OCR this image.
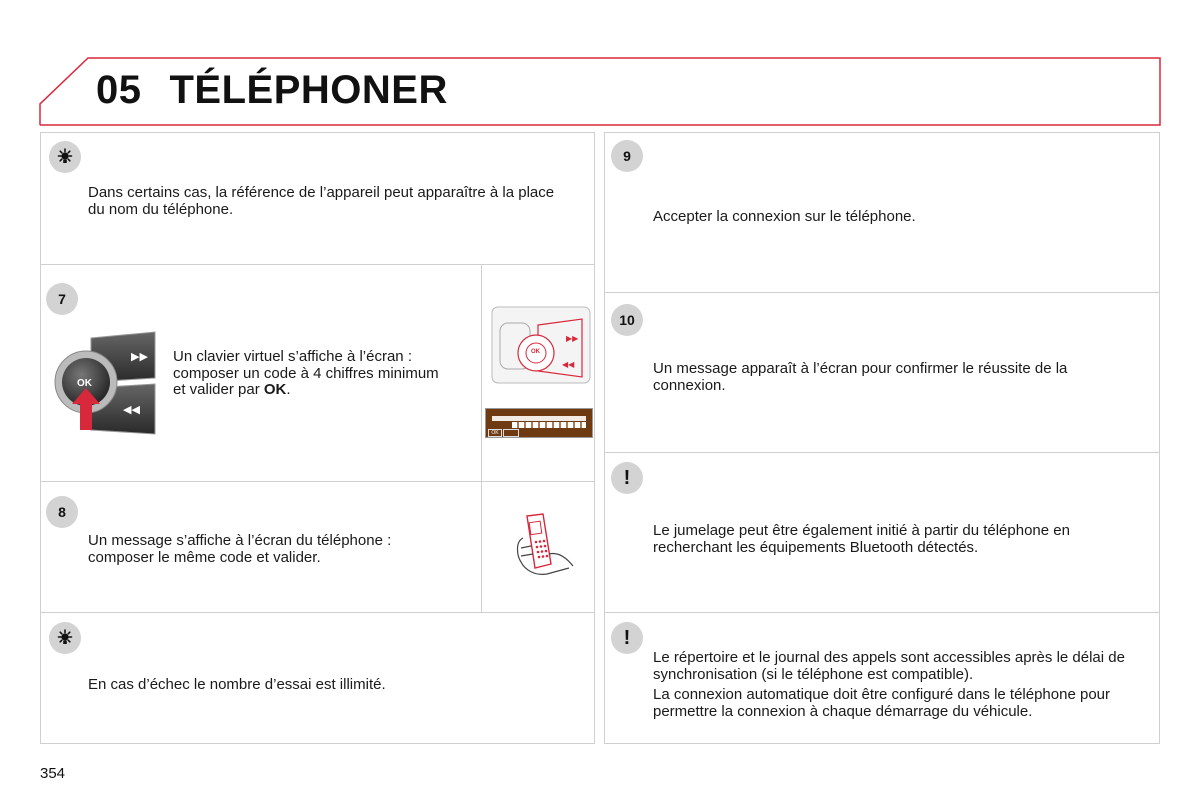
05 TÉLÉPHONER
Dans certains cas, la référence de l’appareil peut apparaître à la place du nom du téléphone.
7
▶▶
◀◀
OK
Un clavier virtuel s’affiche à l’écran : composer un code à 4 chiffres minimum et valider par OK.
▶▶
◀◀
OK
OK
8
Un message s’affiche à l’écran du téléphone : composer le même code et valider.
En cas d’échec le nombre d’essai est illimité.
9
Accepter la connexion sur le téléphone.
10
Un message apparaît à l’écran pour confirmer le réussite de la connexion.
!
Le jumelage peut être également initié à partir du téléphone en recherchant les équipements Bluetooth détectés.
!

Le répertoire et le journal des appels sont accessibles après le délai de synchronisation (si le téléphone est compatible).

La connexion automatique doit être configuré dans le téléphone pour permettre la connexion à chaque démarrage du véhicule.

354
